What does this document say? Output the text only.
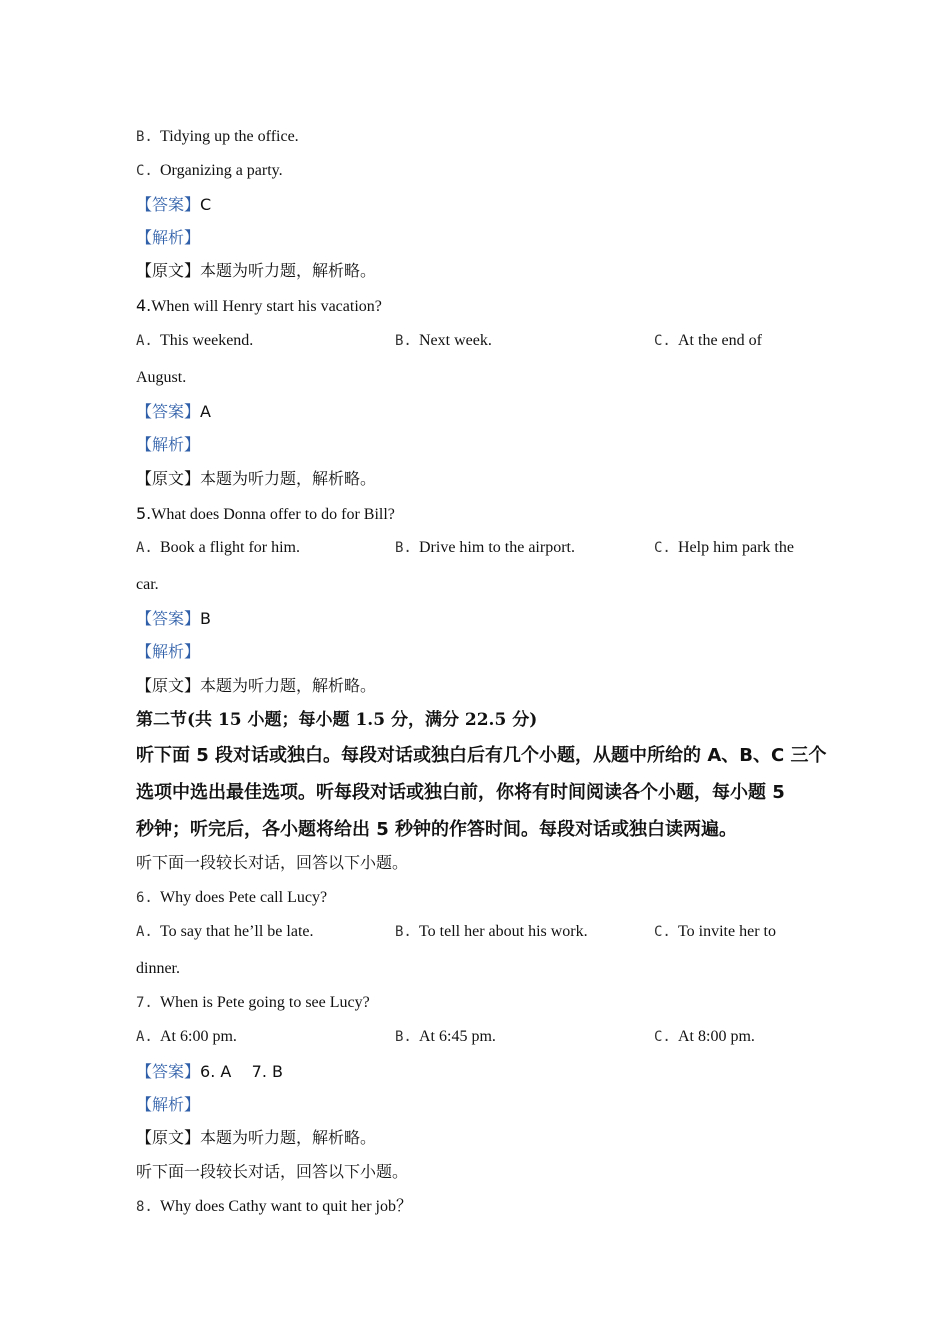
B. Tidying up the office.
C. Organizing a party.
【答案】C
【解析】
【原文】本题为听力题，解析略。
4.When will Henry start his vacation?
A. This weekend.	B. Next week.	C. At the end of
August.
【答案】A
【解析】
【原文】本题为听力题，解析略。
5.What does Donna offer to do for Bill?
A. Book a flight for him.	B. Drive him to the airport.	C. Help him park the
car.
【答案】B
【解析】
【原文】本题为听力题，解析略。
第二节(共 15 小题；每小题 1.5 分，满分 22.5 分)
听下面 5 段对话或独白。每段对话或独白后有几个小题，从题中所给的 A、B、C 三个
选项中选出最佳选项。听每段对话或独白前，你将有时间阅读各个小题，每小题 5
秒钟；听完后，各小题将给出 5 秒钟的作答时间。每段对话或独白读两遍。
听下面一段较长对话，回答以下小题。
6. Why does Pete call Lucy?
A. To say that he’ll be late.	B. To tell her about his work.	C. To invite her to
dinner.
7. When is Pete going to see Lucy?
A. At 6:00 pm.	B. At 6:45 pm.	C. At 8:00 pm.
【答案】6. A    7. B
【解析】
【原文】本题为听力题，解析略。
听下面一段较长对话，回答以下小题。
8. Why does Cathy want to quit her job？
